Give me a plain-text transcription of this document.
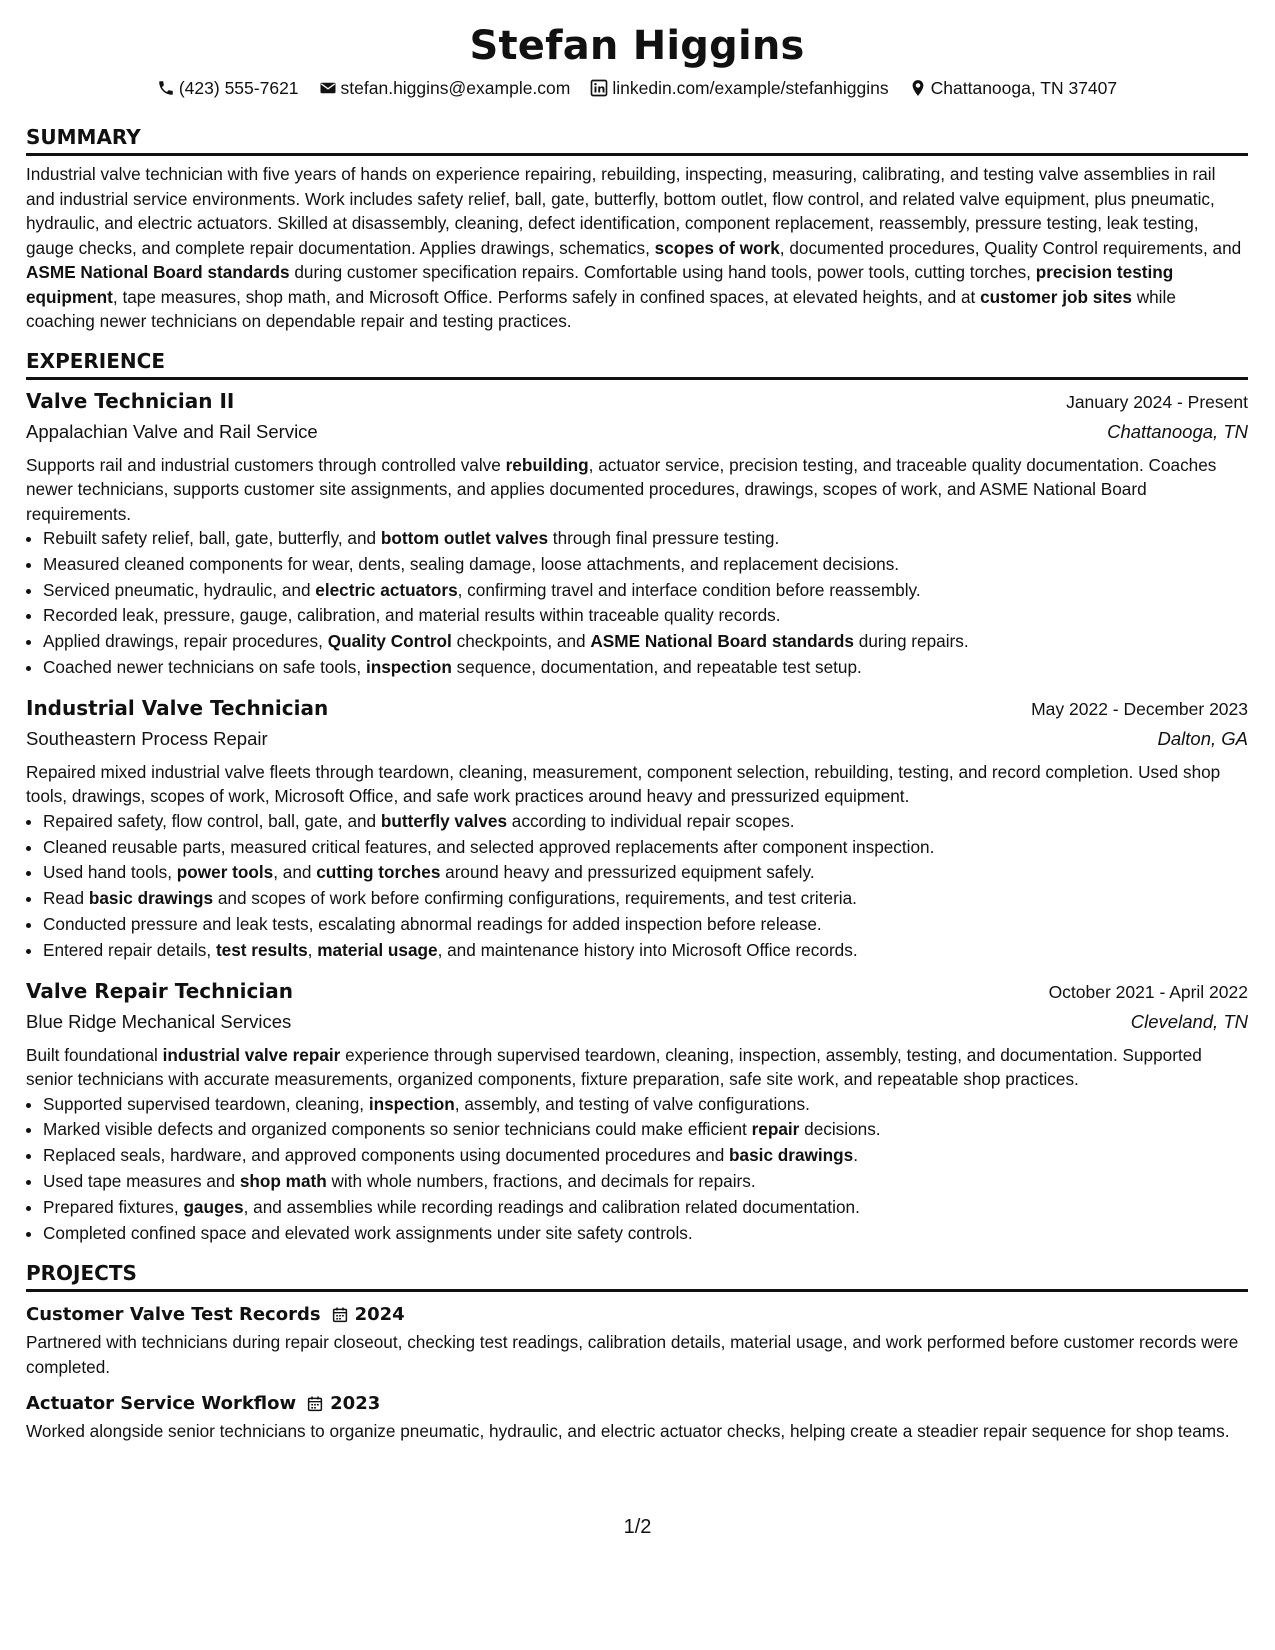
Stefan Higgins
(423) 555-7621 stefan.higgins@example.com linkedin.com/example/stefanhiggins Chattanooga, TN 37407
SUMMARY

Industrial valve technician with five years of hands on experience repairing, rebuilding, inspecting, measuring, calibrating, and testing valve assemblies in rail and industrial service environments. Work includes safety relief, ball, gate, butterfly, bottom outlet, flow control, and related valve equipment, plus pneumatic, hydraulic, and electric actuators. Skilled at disassembly, cleaning, defect identification, component replacement, reassembly, pressure testing, leak testing, gauge checks, and complete repair documentation. Applies drawings, schematics, scopes of work, documented procedures, Quality Control requirements, and ASME National Board standards during customer specification repairs. Comfortable using hand tools, power tools, cutting torches, precision testing equipment, tape measures, shop math, and Microsoft Office. Performs safely in confined spaces, at elevated heights, and at customer job sites while coaching newer technicians on dependable repair and testing practices.

EXPERIENCE
Valve Technician II	January 2024 - Present
Appalachian Valve and Rail Service	Chattanooga, TN

Supports rail and industrial customers through controlled valve rebuilding, actuator service, precision testing, and traceable quality documentation. Coaches newer technicians, supports customer site assignments, and applies documented procedures, drawings, scopes of work, and ASME National Board requirements.

• Rebuilt safety relief, ball, gate, butterfly, and bottom outlet valves through final pressure testing.
• Measured cleaned components for wear, dents, sealing damage, loose attachments, and replacement decisions.
• Serviced pneumatic, hydraulic, and electric actuators, confirming travel and interface condition before reassembly.
• Recorded leak, pressure, gauge, calibration, and material results within traceable quality records.
• Applied drawings, repair procedures, Quality Control checkpoints, and ASME National Board standards during repairs.
• Coached newer technicians on safe tools, inspection sequence, documentation, and repeatable test setup.
Industrial Valve Technician	May 2022 - December 2023
Southeastern Process Repair	Dalton, GA

Repaired mixed industrial valve fleets through teardown, cleaning, measurement, component selection, rebuilding, testing, and record completion. Used shop tools, drawings, scopes of work, Microsoft Office, and safe work practices around heavy and pressurized equipment.

• Repaired safety, flow control, ball, gate, and butterfly valves according to individual repair scopes.
• Cleaned reusable parts, measured critical features, and selected approved replacements after component inspection.
• Used hand tools, power tools, and cutting torches around heavy and pressurized equipment safely.
• Read basic drawings and scopes of work before confirming configurations, requirements, and test criteria.
• Conducted pressure and leak tests, escalating abnormal readings for added inspection before release.
• Entered repair details, test results, material usage, and maintenance history into Microsoft Office records.
Valve Repair Technician	October 2021 - April 2022
Blue Ridge Mechanical Services	Cleveland, TN

Built foundational industrial valve repair experience through supervised teardown, cleaning, inspection, assembly, testing, and documentation. Supported senior technicians with accurate measurements, organized components, fixture preparation, safe site work, and repeatable shop practices.

• Supported supervised teardown, cleaning, inspection, assembly, and testing of valve configurations.
• Marked visible defects and organized components so senior technicians could make efficient repair decisions.
• Replaced seals, hardware, and approved components using documented procedures and basic drawings.
• Used tape measures and shop math with whole numbers, fractions, and decimals for repairs.
• Prepared fixtures, gauges, and assemblies while recording readings and calibration related documentation.
• Completed confined space and elevated work assignments under site safety controls.
PROJECTS
Customer Valve Test Records 2024

Partnered with technicians during repair closeout, checking test readings, calibration details, material usage, and work performed before customer records were completed.

Actuator Service Workflow 2023

Worked alongside senior technicians to organize pneumatic, hydraulic, and electric actuator checks, helping create a steadier repair sequence for shop teams.

1/2
